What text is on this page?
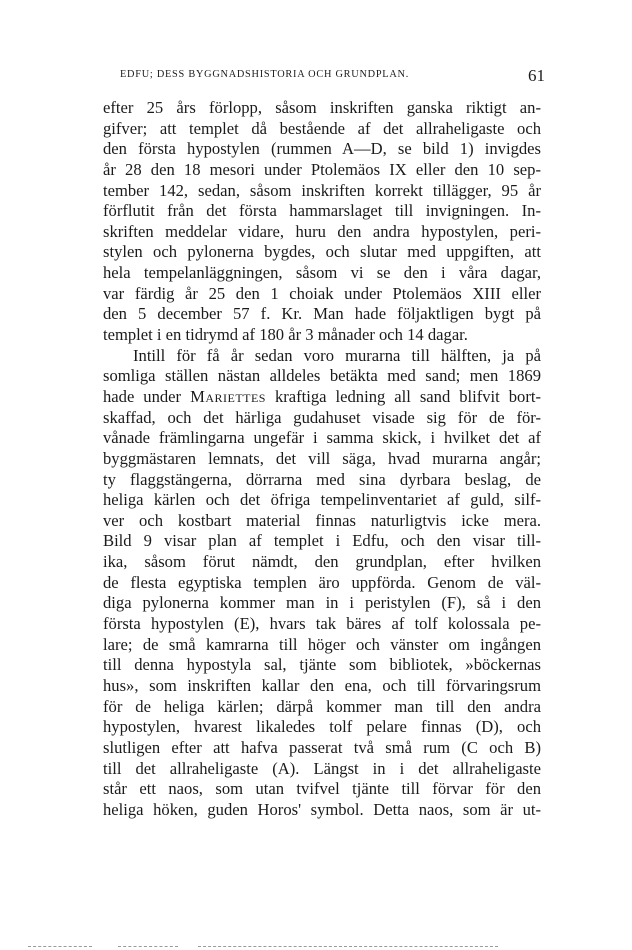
EDFU; DESS BYGGNADSHISTORIA OCH GRUNDPLAN.	61
efter 25 års förlopp, såsom inskriften ganska riktigt an-
gifver; att templet då bestående af det allraheligaste och
den första hypostylen (rummen A—D, se bild 1) invigdes
år 28 den 18 mesori under Ptolemäos IX eller den 10 sep-
tember 142, sedan, såsom inskriften korrekt tillägger, 95 år
förflutit från det första hammarslaget till invigningen. In-
skriften meddelar vidare, huru den andra hypostylen, peri-
stylen och pylonerna bygdes, och slutar med uppgiften, att
hela tempelanläggningen, såsom vi se den i våra dagar,
var färdig år 25 den 1 choiak under Ptolemäos XIII eller
den 5 december 57 f. Kr. Man hade följaktligen bygt på
templet i en tidrymd af 180 år 3 månader och 14 dagar.
Intill för få år sedan voro murarna till hälften, ja på
somliga ställen nästan alldeles betäkta med sand; men 1869
hade under Mariettes kraftiga ledning all sand blifvit bort-
skaffad, och det härliga gudahuset visade sig för de för-
vånade främlingarna ungefär i samma skick, i hvilket det af
byggmästaren lemnats, det vill säga, hvad murarna angår;
ty flaggstängerna, dörrarna med sina dyrbara beslag, de
heliga kärlen och det öfriga tempelinventariet af guld, silf-
ver och kostbart material finnas naturligtvis icke mera.
Bild 9 visar plan af templet i Edfu, och den visar till-
ika, såsom förut nämdt, den grundplan, efter hvilken
de flesta egyptiska templen äro uppförda. Genom de väl-
diga pylonerna kommer man in i peristylen (F), så i den
första hypostylen (E), hvars tak bäres af tolf kolossala pe-
lare; de små kamrarna till höger och vänster om ingången
till denna hypostyla sal, tjänte som bibliotek, »böckernas
hus», som inskriften kallar den ena, och till förvaringsrum
för de heliga kärlen; därpå kommer man till den andra
hypostylen, hvarest likaledes tolf pelare finnas (D), och
slutligen efter att hafva passerat två små rum (C och B)
till det allraheligaste (A). Längst in i det allraheligaste
står ett naos, som utan tvifvel tjänte till förvar för den
heliga höken, guden Horos' symbol. Detta naos, som är ut-
